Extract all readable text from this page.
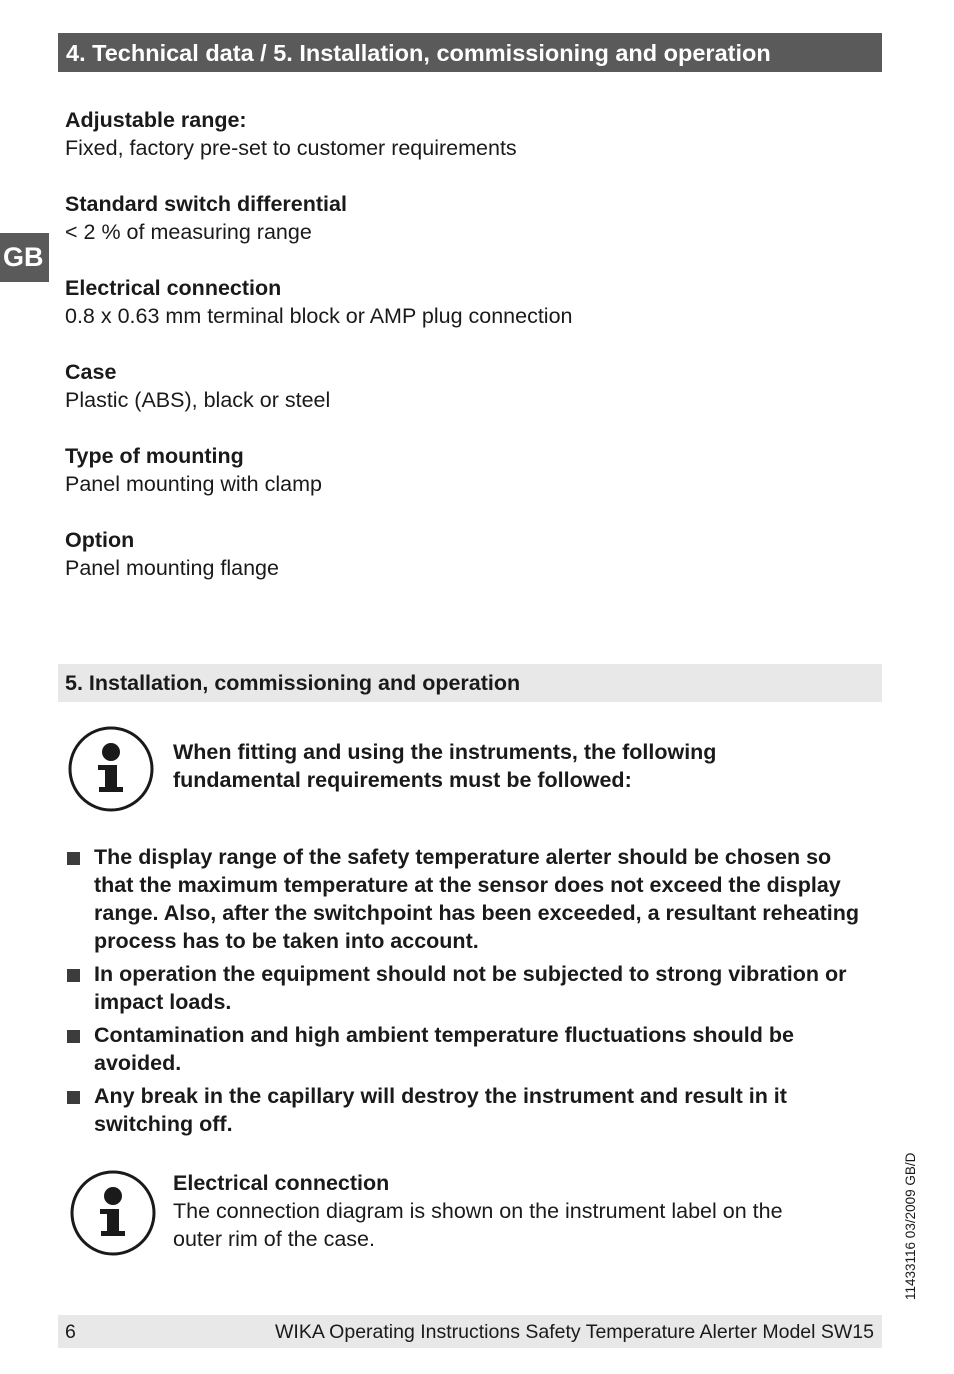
4. Technical data / 5. Installation, commissioning and operation
GB
Adjustable range:
Fixed, factory pre-set to customer requirements
Standard switch differential
< 2 % of measuring range
Electrical connection
0.8 x 0.63 mm terminal block or AMP plug connection
Case
Plastic (ABS), black or steel
Type of mounting
Panel mounting with clamp
Option
Panel mounting flange
5. Installation, commissioning and operation
When fitting and using the instruments, the following
fundamental requirements must be followed:
The display range of the safety temperature alerter should be chosen so that the maximum temperature at the sensor does not exceed the display range. Also, after the switchpoint has been exceeded, a resultant reheating process has to be taken into account.
In operation the equipment should not be subjected to strong vibration or impact loads.
Contamination and high ambient temperature fluctuations should be avoided.
Any break in the capillary will destroy the instrument and result in it switching off.
Electrical connection
The connection diagram is shown on the instrument label on the
outer rim of the case.	11433116 03/2009 GB/D
6	WIKA Operating Instructions Safety Temperature Alerter Model SW15
